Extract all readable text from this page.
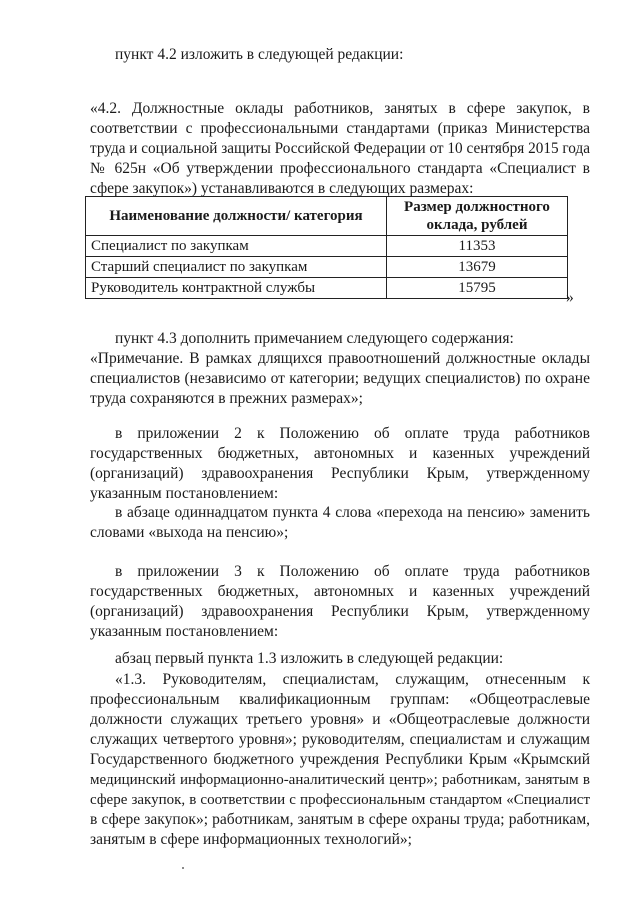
пункт 4.2 изложить в следующей редакции:
«4.2. Должностные оклады работников, занятых в сфере закупок, в
соответствии с профессиональными стандартами (приказ Министерства
труда и социальной защиты Российской Федерации от 10 сентября 2015 года
№ 625н «Об утверждении профессионального стандарта «Специалист в
сфере закупок») устанавливаются в следующих размерах:
Наименование должности/ категория	Размер должностного
оклада, рублей

Специалист по закупкам	11353
Старший специалист по закупкам	13679
Руководитель контрактной службы	15795
»
пункт 4.3 дополнить примечанием следующего содержания:
«Примечание. В рамках длящихся правоотношений должностные оклады
специалистов (независимо от категории; ведущих специалистов) по охране
труда сохраняются в прежних размерах»;
в приложении 2 к Положению об оплате труда работников
государственных бюджетных, автономных и казенных учреждений
(организаций) здравоохранения Республики Крым, утвержденному
указанным постановлением:
в абзаце одиннадцатом пункта 4 слова «перехода на пенсию» заменить
словами «выхода на пенсию»;
в приложении 3 к Положению об оплате труда работников
государственных бюджетных, автономных и казенных учреждений
(организаций) здравоохранения Республики Крым, утвержденному
указанным постановлением:
абзац первый пункта 1.3 изложить в следующей редакции:
«1.3. Руководителям, специалистам, служащим, отнесенным к
профессиональным квалификационным группам: «Общеотраслевые
должности служащих третьего уровня» и «Общеотраслевые должности
служащих четвертого уровня»; руководителям, специалистам и служащим
Государственного бюджетного учреждения Республики Крым «Крымский
медицинский информационно-аналитический центр»; работникам, занятым в
сфере закупок, в соответствии с профессиональным стандартом «Специалист
в сфере закупок»; работникам, занятым в сфере охраны труда; работникам,
занятым в сфере информационных технологий»;
